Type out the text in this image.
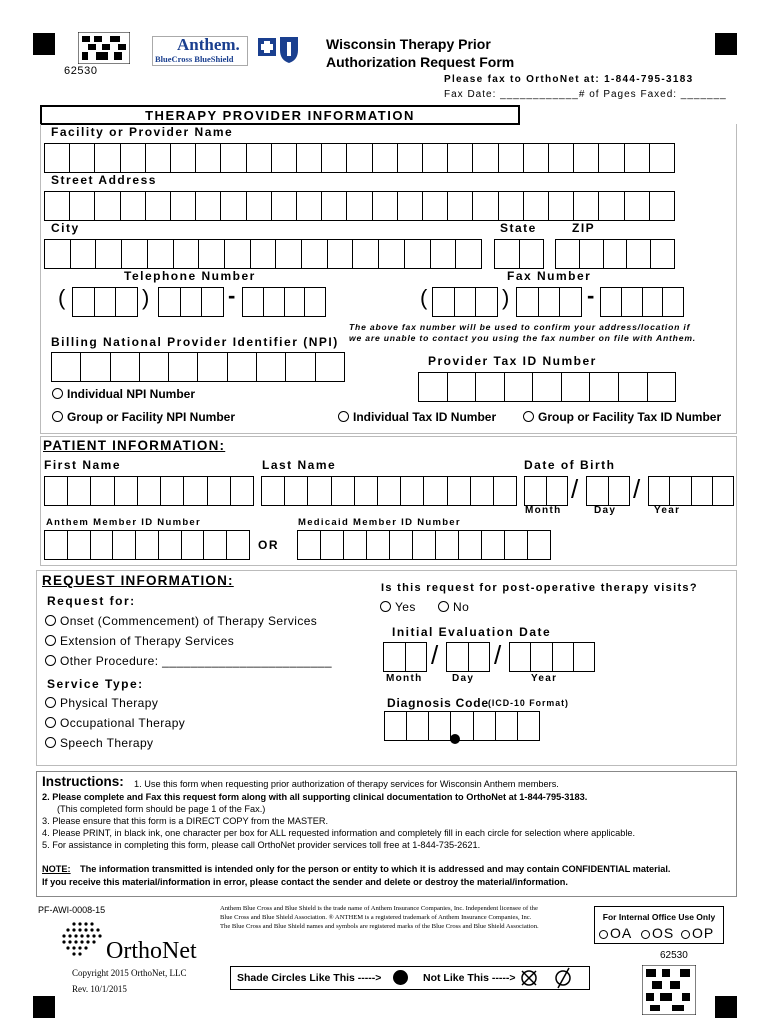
62530
Anthem.
BlueCross BlueShield
Wisconsin Therapy Prior
Authorization Request Form
Please fax to OrthoNet at: 1-844-795-3183
Fax Date: ____________# of Pages Faxed: _______
THERAPY PROVIDER INFORMATION
Facility or Provider Name
Street Address
City	State	ZIP
Telephone Number	Fax Number
(	)	-	(	)	-
The above fax number will be used to confirm your address/location if
we are unable to contact you using the fax number on file with Anthem.
Billing National Provider Identifier (NPI)
Provider Tax ID Number
Individual NPI Number
Group or Facility NPI Number	Individual Tax ID Number	Group or Facility Tax ID Number
PATIENT INFORMATION:
First Name	Last Name	Date of Birth
/ /
Month	Day	Year
Anthem Member ID Number	Medicaid Member ID Number
OR
REQUEST INFORMATION:
Request for:
Onset (Commencement) of Therapy Services
Extension of Therapy Services
Other Procedure: ________________________
Service Type:
Physical Therapy
Occupational Therapy
Speech Therapy
Is this request for post-operative therapy visits?
Yes	No
Initial Evaluation Date
/ /
Month	Day	Year
Diagnosis Code (ICD-10 Format)
Instructions: 1. Use this form when requesting prior authorization of therapy services for Wisconsin Anthem members.
2. Please complete and Fax this request form along with all supporting clinical documentation to OrthoNet at 1-844-795-3183.
(This completed form should be page 1 of the Fax.)
3. Please ensure that this form is a DIRECT COPY from the MASTER.
4. Please PRINT, in black ink, one character per box for ALL requested information and completely fill in each circle for selection where applicable.
5. For assistance in completing this form, please call OrthoNet provider services toll free at 1-844-735-2621.
NOTE: The information transmitted is intended only for the person or entity to which it is addressed and may contain CONFIDENTIAL material.
If you receive this material/information in error, please contact the sender and delete or destroy the material/information.
PF-AWI-0008-15	Anthem Blue Cross and Blue Shield is the trade name of Anthem Insurance Companies, Inc. Independent licensee of the
Blue Cross and Blue Shield Association. ® ANTHEM is a registered trademark of Anthem Insurance Companies, Inc.
The Blue Cross and Blue Shield names and symbols are registered marks of the Blue Cross and Blue Shield Association.
For Internal Office Use Only
OA	OS	OP
OrthoNet
Copyright 2015 OrthoNet, LLC
Rev. 10/1/2015
Shade Circles Like This ----->	Not Like This ----->
62530
